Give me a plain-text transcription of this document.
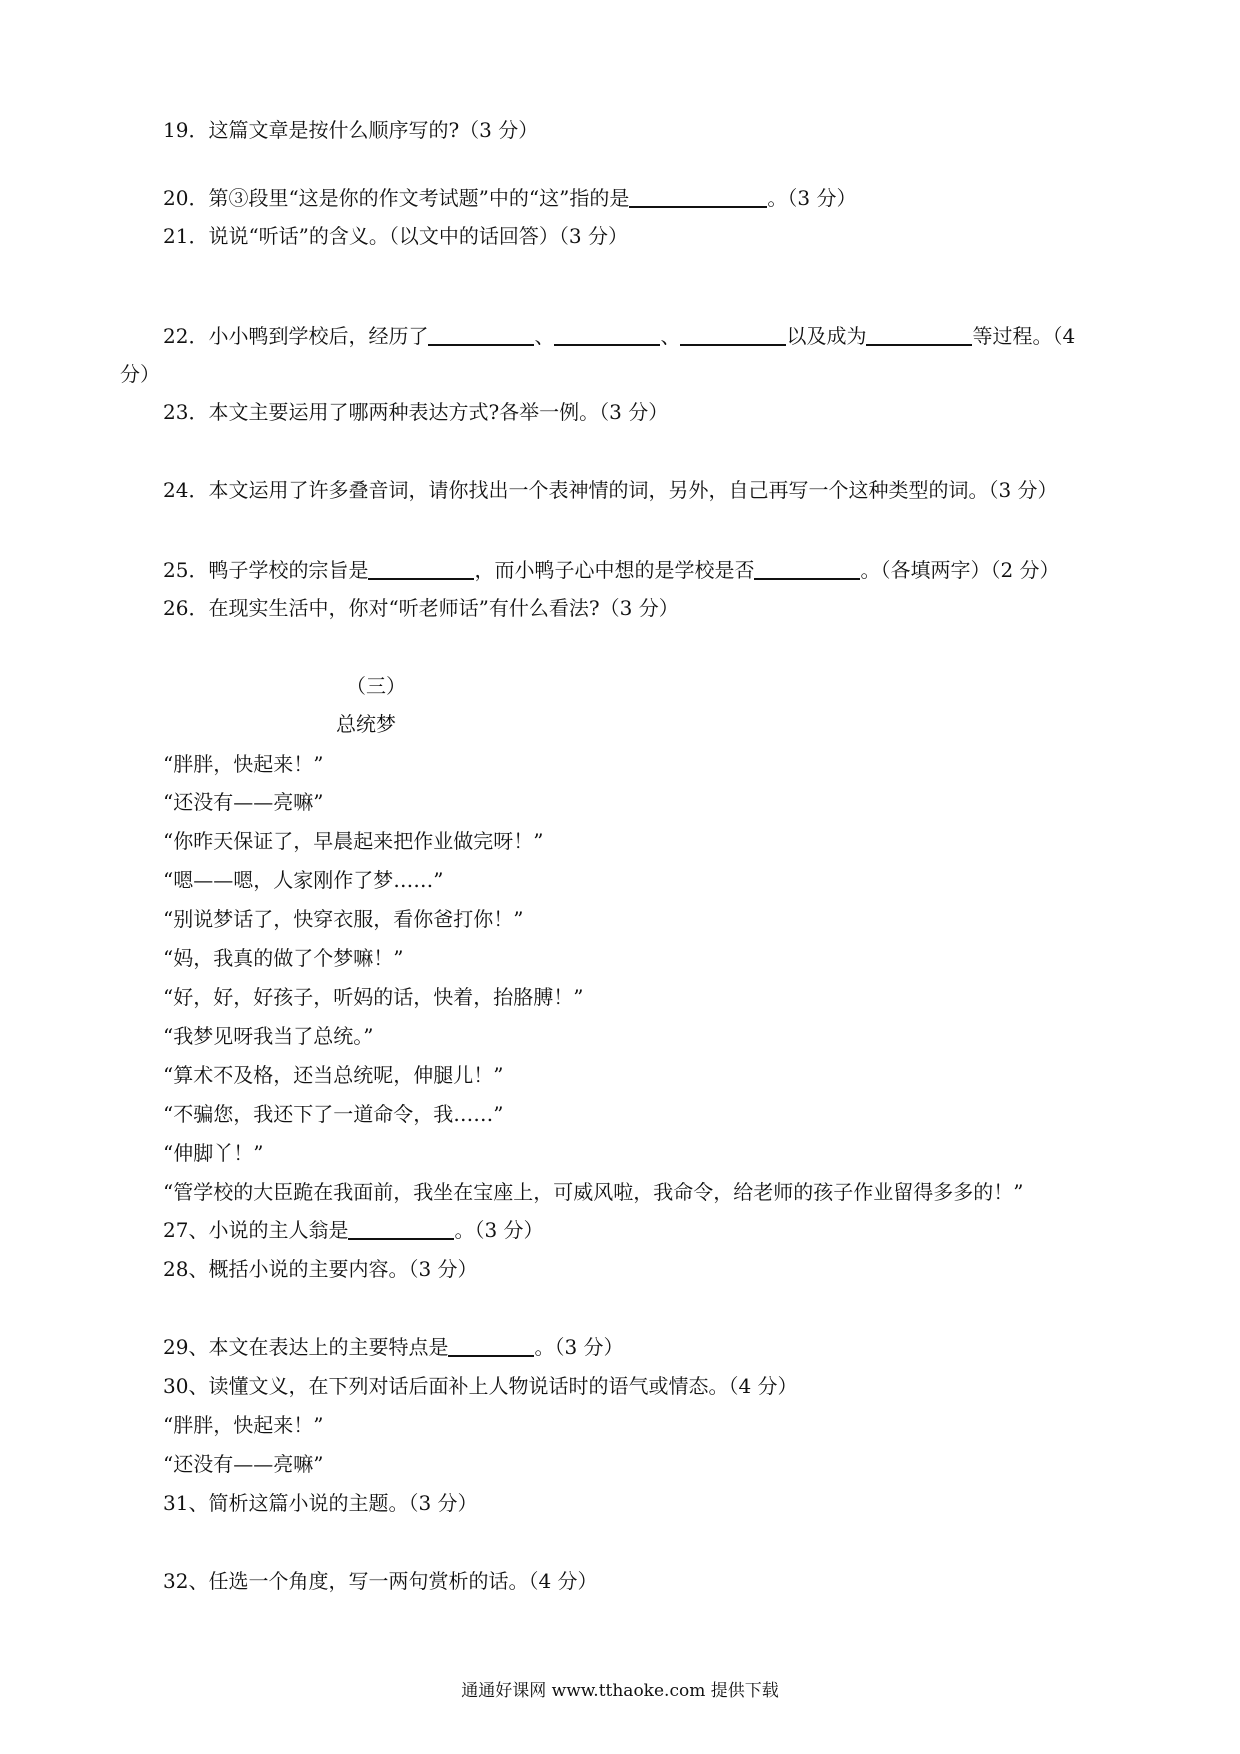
19．这篇文章是按什么顺序写的?（3 分）
20．第③段里“这是你的作文考试题”中的“这”指的是	。（3 分）
21．说说“听话”的含义。（以文中的话回答）（3 分）
22．小小鸭到学校后，经历了	、	、	以及成为	等过程。（4
分）
23．本文主要运用了哪两种表达方式?各举一例。（3 分）
24．本文运用了许多叠音词，请你找出一个表神情的词，另外，自己再写一个这种类型的词。（3 分）
25．鸭子学校的宗旨是	，而小鸭子心中想的是学校是否	。（各填两字）（2 分）
26．在现实生活中，你对“听老师话”有什么看法?（3 分）
（三）
总统梦
“胖胖，快起来！”
“还没有——亮嘛”
“你昨天保证了，早晨起来把作业做完呀！”
“嗯——嗯，人家刚作了梦……”
“别说梦话了，快穿衣服，看你爸打你！”
“妈，我真的做了个梦嘛！”
“好，好，好孩子，听妈的话，快着，抬胳膊！”
“我梦见呀我当了总统。”
“算术不及格，还当总统呢，伸腿儿！”
“不骗您，我还下了一道命令，我……”
“伸脚丫！”
“管学校的大臣跪在我面前，我坐在宝座上，可威风啦，我命令，给老师的孩子作业留得多多的！”
27、小说的主人翁是	。（3 分）
28、概括小说的主要内容。（3 分）
29、本文在表达上的主要特点是	。（3 分）
30、读懂文义，在下列对话后面补上人物说话时的语气或情态。（4 分）
“胖胖，快起来！”
“还没有——亮嘛”
31、简析这篇小说的主题。（3 分）
32、任选一个角度，写一两句赏析的话。（4 分）
通通好课网 www.tthaoke.com 提供下载
